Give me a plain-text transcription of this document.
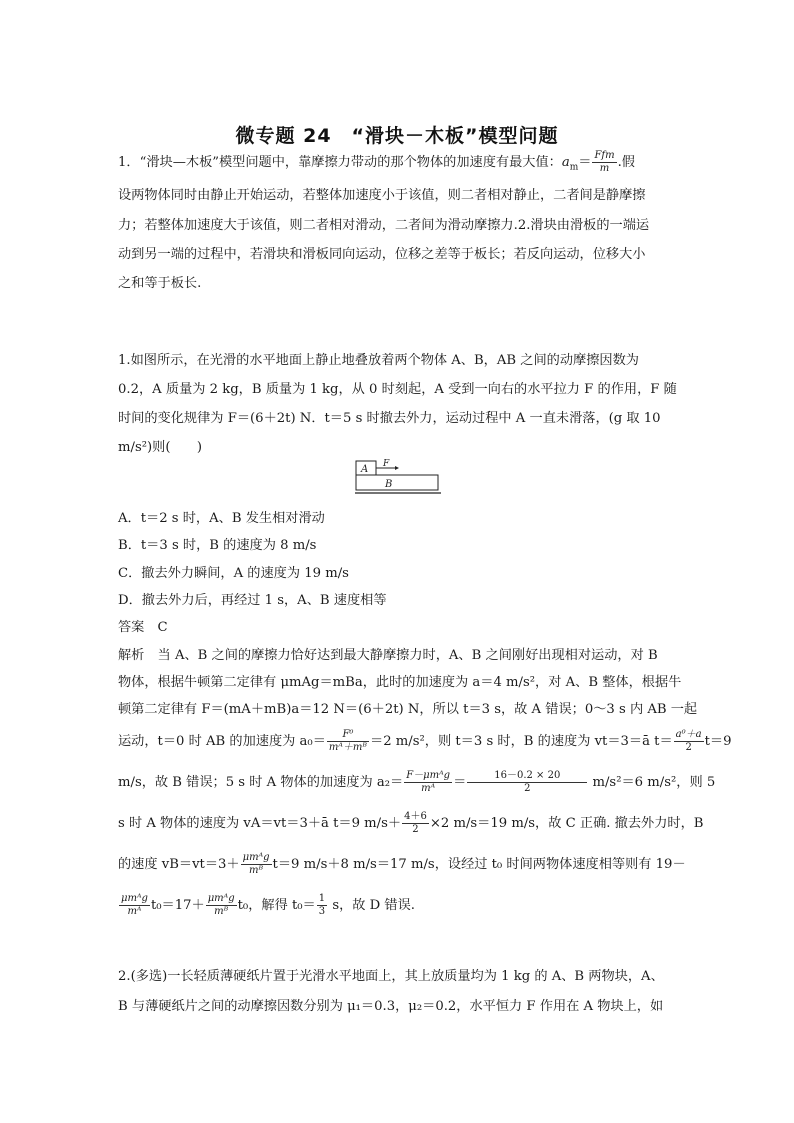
微专题 24　“滑块－木板”模型问题
1．“滑块—木板”模型问题中，靠摩擦力带动的那个物体的加速度有最大值：$a_m= \frac{\text{Ffm}}{m}$ .假
设两物体同时由静止开始运动，若整体加速度小于该值，则二者相对静止，二者间是静摩擦
力；若整体加速度大于该值，则二者相对滑动，二者间为滑动摩擦力.2.滑块由滑板的一端运
动到另一端的过程中，若滑块和滑板同向运动，位移之差等于板长；若反向运动，位移大小
之和等于板长.
1.如图所示，在光滑的水平地面上静止地叠放着两个物体 A、B，AB 之间的动摩擦因数为
0.2，A 质量为 2 kg，B 质量为 1 kg，从 0 时刻起，A 受到一向右的水平拉力 F 的作用，F 随
时间的变化规律为 F＝(6＋2t) N．t＝5 s 时撤去外力，运动过程中 A 一直未滑落，(g 取 10
m/s²)则(　　)
A F
B
A．t＝2 s 时，A、B 发生相对滑动
B．t＝3 s 时，B 的速度为 8 m/s
C．撤去外力瞬间，A 的速度为 19 m/s
D．撤去外力后，再经过 1 s，A、B 速度相等
答案　C
解析　当 A、B 之间的摩擦力恰好达到最大静摩擦力时，A、B 之间刚好出现相对运动，对 B
物体，根据牛顿第二定律有 μmAg＝mBa，此时的加速度为 a＝4 m/s²，对 A、B 整体，根据牛
顿第二定律有 F＝(mA＋mB)a＝12 N＝(6＋2t) N，所以 t＝3 s，故 A 错误；0～3 s 内 AB 一起
运动，t＝0 时 AB 的加速度为 $a_0= \frac{\text{F⁰}}{\text{mᴬ＋mᴮ}} =2$ m/s²，则 t＝3 s 时，B 的速度为 vt＝3＝ā $t= \frac{\text{a⁰＋a}}{2} t=9$
m/s，故 B 错误；5 s 时 A 物体的加速度为 $a_2= \frac{\text{F－μmᴬg}}{\text{mᴬ}} = \frac{16-0.2 \times 20}{2} m/s^2=6$ m/s²，则 5
s 时 A 物体的速度为 vA＝vt＝3＋ā t＝9 $m/s+ \frac{4+6}{2} \times 2$ m/s＝19 m/s，故 C 正确. 撤去外力时，B
的速度 $vB=vt=3+ \frac{\text{μmᴬg}}{\text{mᴮ}} t=9$ m/s＋8 m/s＝17 m/s，设经过 t₀ 时间两物体速度相等则有 19－
$\frac{\text{μmᴬg}}{\text{mᴬ}} t_0=17+ \frac{\text{μmᴬg}}{\text{mᴮ}} t_0$，解得 $t_0= \frac{1}{3}$ s，故 D 错误.
2.(多选)一长轻质薄硬纸片置于光滑水平地面上，其上放质量均为 1 kg 的 A、B 两物块，A、
B 与薄硬纸片之间的动摩擦因数分别为 μ₁＝0.3，μ₂＝0.2，水平恒力 F 作用在 A 物块上，如
